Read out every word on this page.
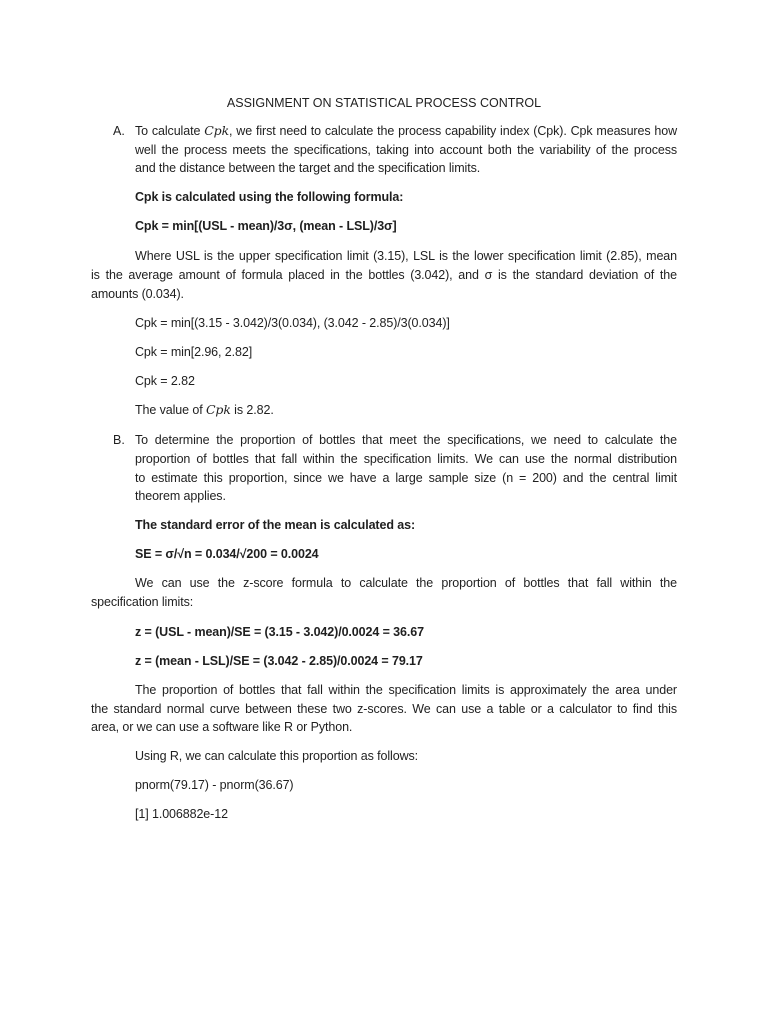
ASSIGNMENT ON STATISTICAL PROCESS CONTROL
A. To calculate Cpk, we first need to calculate the process capability index (Cpk). Cpk measures how
well the process meets the specifications, taking into account both the variability of the process
and the distance between the target and the specification limits.
Cpk is calculated using the following formula:
Cpk = min[(USL - mean)/3σ, (mean - LSL)/3σ]
Where USL is the upper specification limit (3.15), LSL is the lower specification limit (2.85), mean
is the average amount of formula placed in the bottles (3.042), and σ is the standard deviation of the
amounts (0.034).
Cpk = min[(3.15 - 3.042)/3(0.034), (3.042 - 2.85)/3(0.034)]
Cpk = min[2.96, 2.82]
Cpk = 2.82
The value of Cpk is 2.82.
B. To determine the proportion of bottles that meet the specifications, we need to calculate the
proportion of bottles that fall within the specification limits. We can use the normal distribution
to estimate this proportion, since we have a large sample size (n = 200) and the central limit
theorem applies.
The standard error of the mean is calculated as:
SE = σ/√n = 0.034/√200 = 0.0024
We can use the z-score formula to calculate the proportion of bottles that fall within the
specification limits:
z = (USL - mean)/SE = (3.15 - 3.042)/0.0024 = 36.67
z = (mean - LSL)/SE = (3.042 - 2.85)/0.0024 = 79.17
The proportion of bottles that fall within the specification limits is approximately the area under
the standard normal curve between these two z-scores. We can use a table or a calculator to find this
area, or we can use a software like R or Python.
Using R, we can calculate this proportion as follows:
pnorm(79.17) - pnorm(36.67)
[1] 1.006882e-12
